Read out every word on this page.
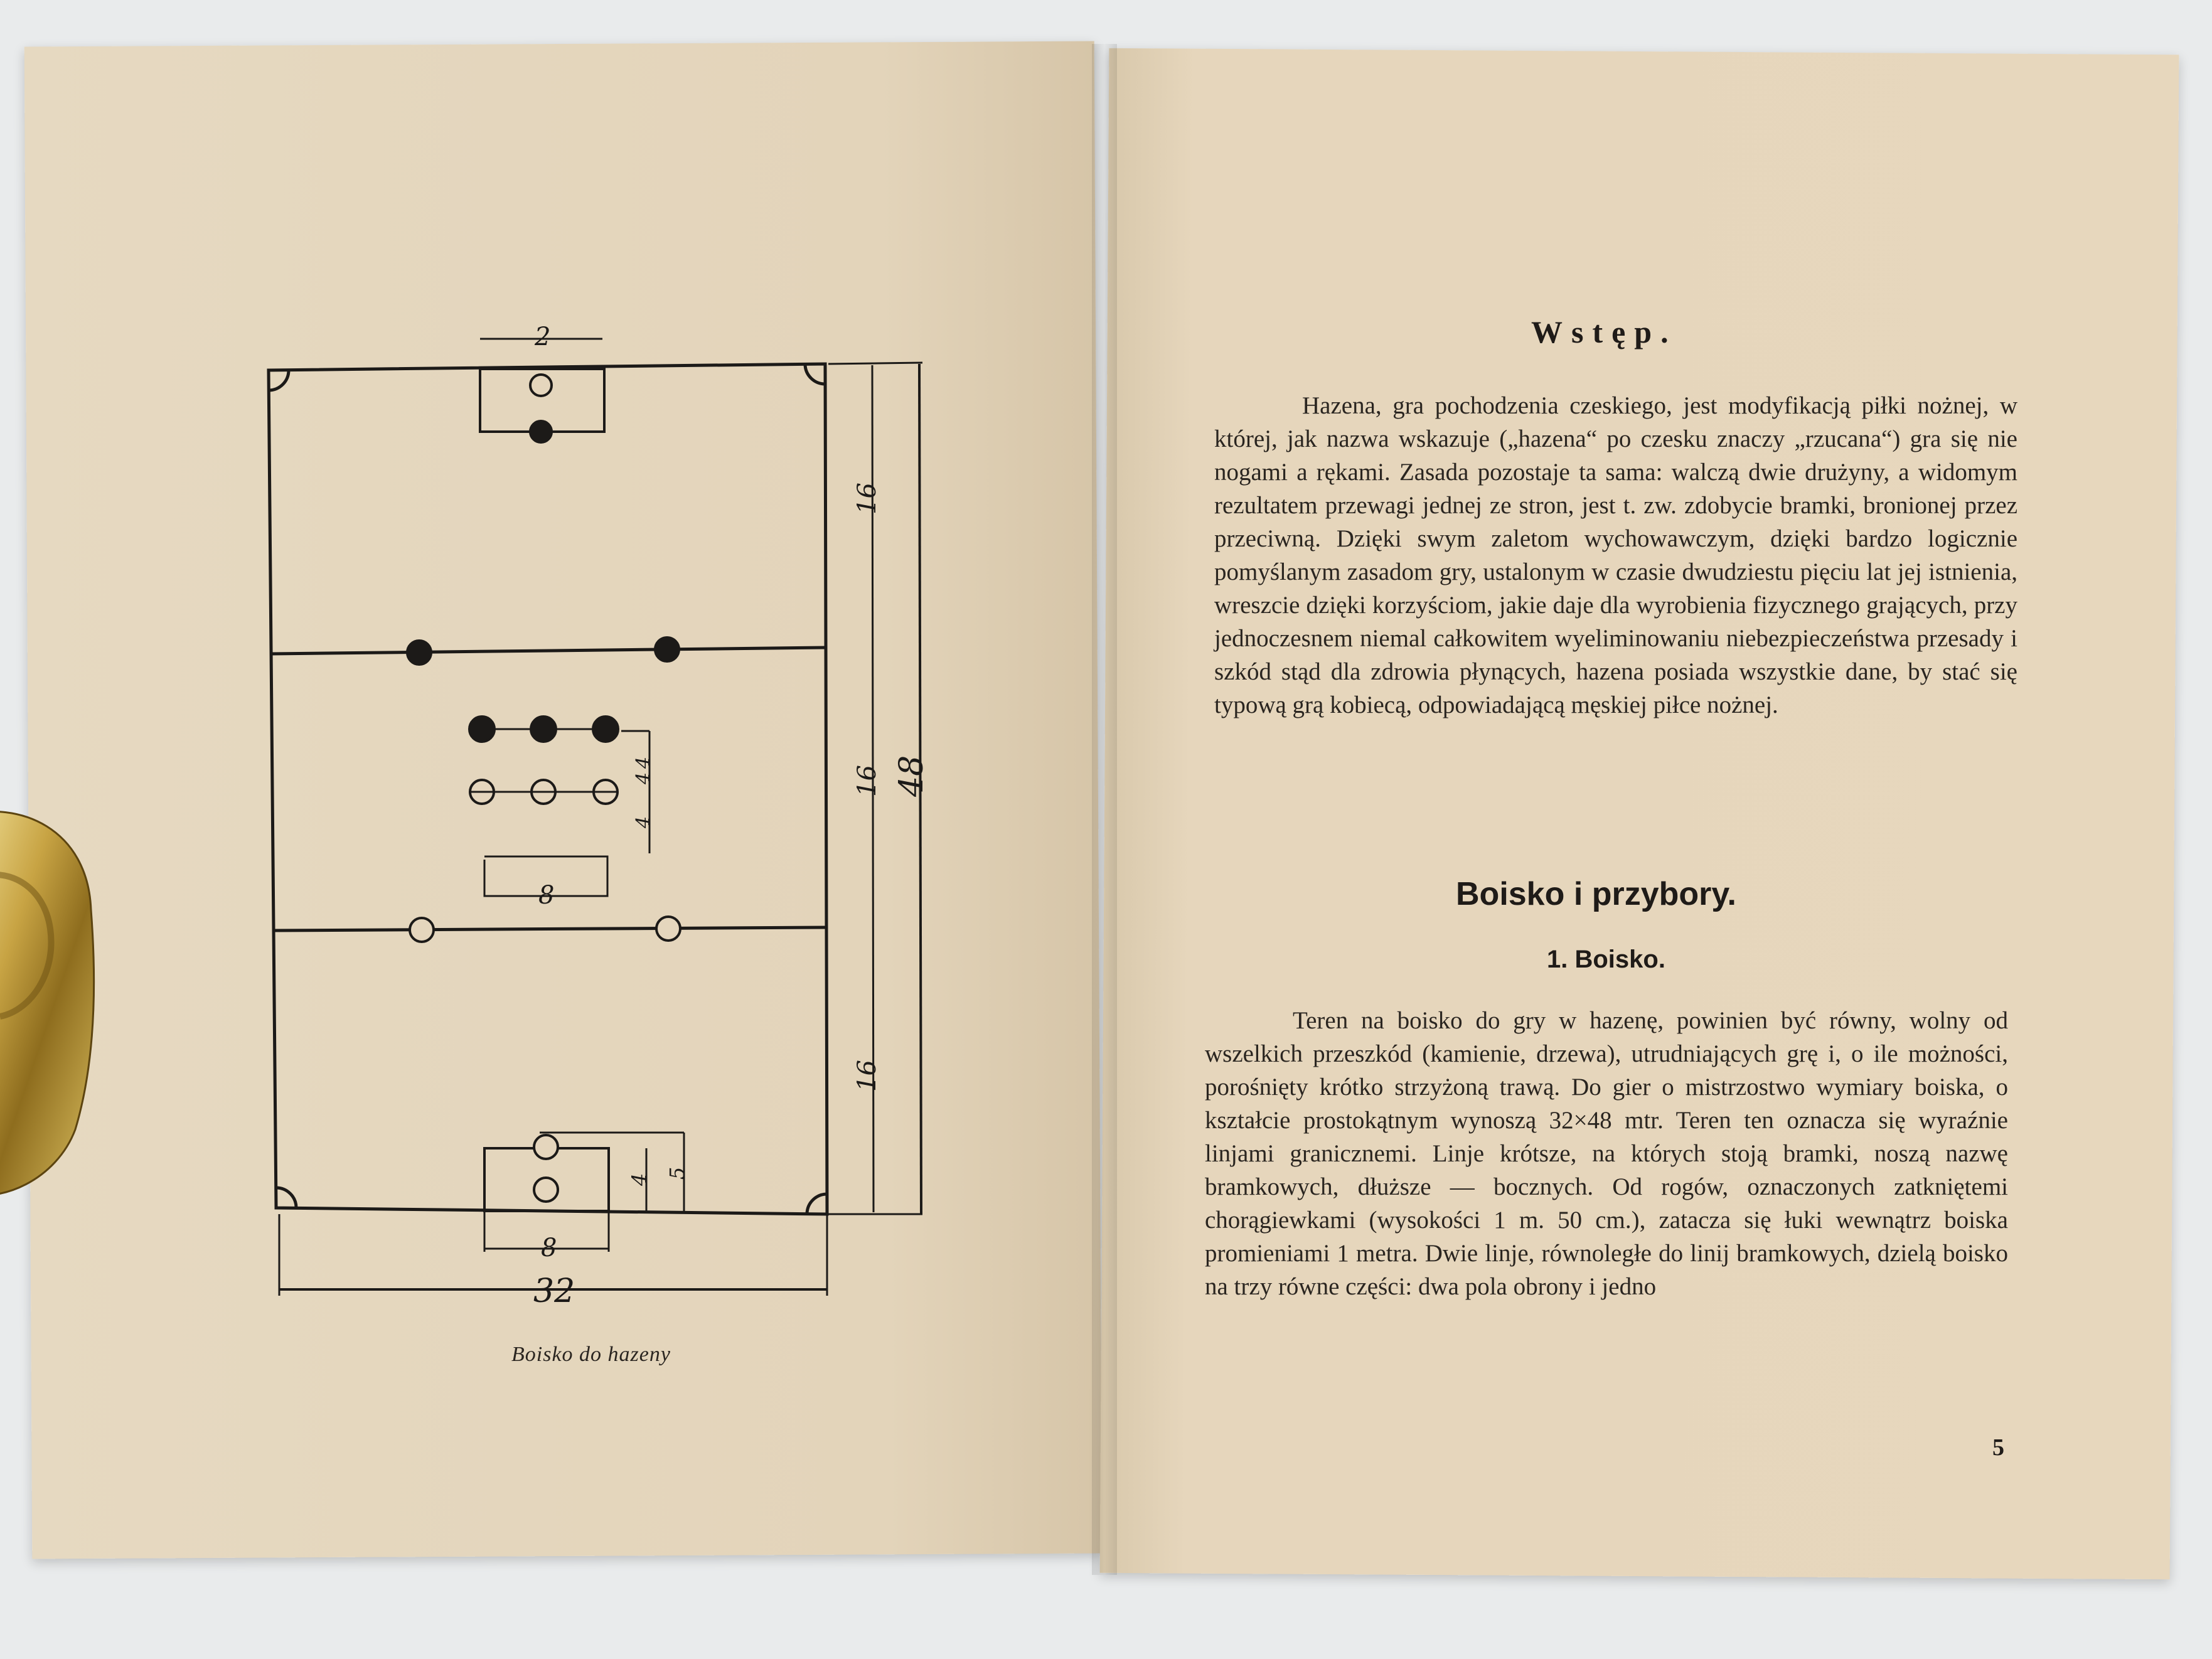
2
16
16
16
48
32
8
8
4 5
4
4
4
Boisko do hazeny
Wstęp.
Hazena, gra pochodzenia czeskiego, jest modyfikacją piłki nożnej, w której, jak nazwa wskazuje („hazena“ po czesku znaczy „rzucana“) gra się nie nogami a rękami. Zasada pozostaje ta sama: walczą dwie drużyny, a widomym rezultatem przewagi jednej ze stron, jest t. zw. zdobycie bramki, bronionej przez przeciwną. Dzięki swym zaletom wychowawczym, dzięki bardzo logicznie pomyślanym zasadom gry, ustalonym w czasie dwudziestu pięciu lat jej istnienia, wreszcie dzięki korzyściom, jakie daje dla wyrobienia fizycznego grających, przy jednoczesnem niemal całkowitem wyeliminowaniu niebezpieczeństwa przesady i szkód stąd dla zdrowia płynących, hazena posiada wszystkie dane, by stać się typową grą kobiecą, odpowiadającą męskiej piłce nożnej.
Boisko i przybory.
1. Boisko.
Teren na boisko do gry w hazenę, powinien być równy, wolny od wszelkich przeszkód (kamienie, drzewa), utrudniających grę i, o ile możności, porośnięty krótko strzyżoną trawą. Do gier o mistrzostwo wymiary boiska, o kształcie prostokątnym wynoszą 32×48 mtr. Teren ten oznacza się wyraźnie linjami granicznemi. Linje krótsze, na których stoją bramki, noszą nazwę bramkowych, dłuższe — bocznych. Od rogów, oznaczonych zatkniętemi chorągiewkami (wysokości 1 m. 50 cm.), zatacza się łuki wewnątrz boiska promieniami 1 metra. Dwie linje, równoległe do linij bramkowych, dzielą boisko na trzy równe części: dwa pola obrony i jedno
5
